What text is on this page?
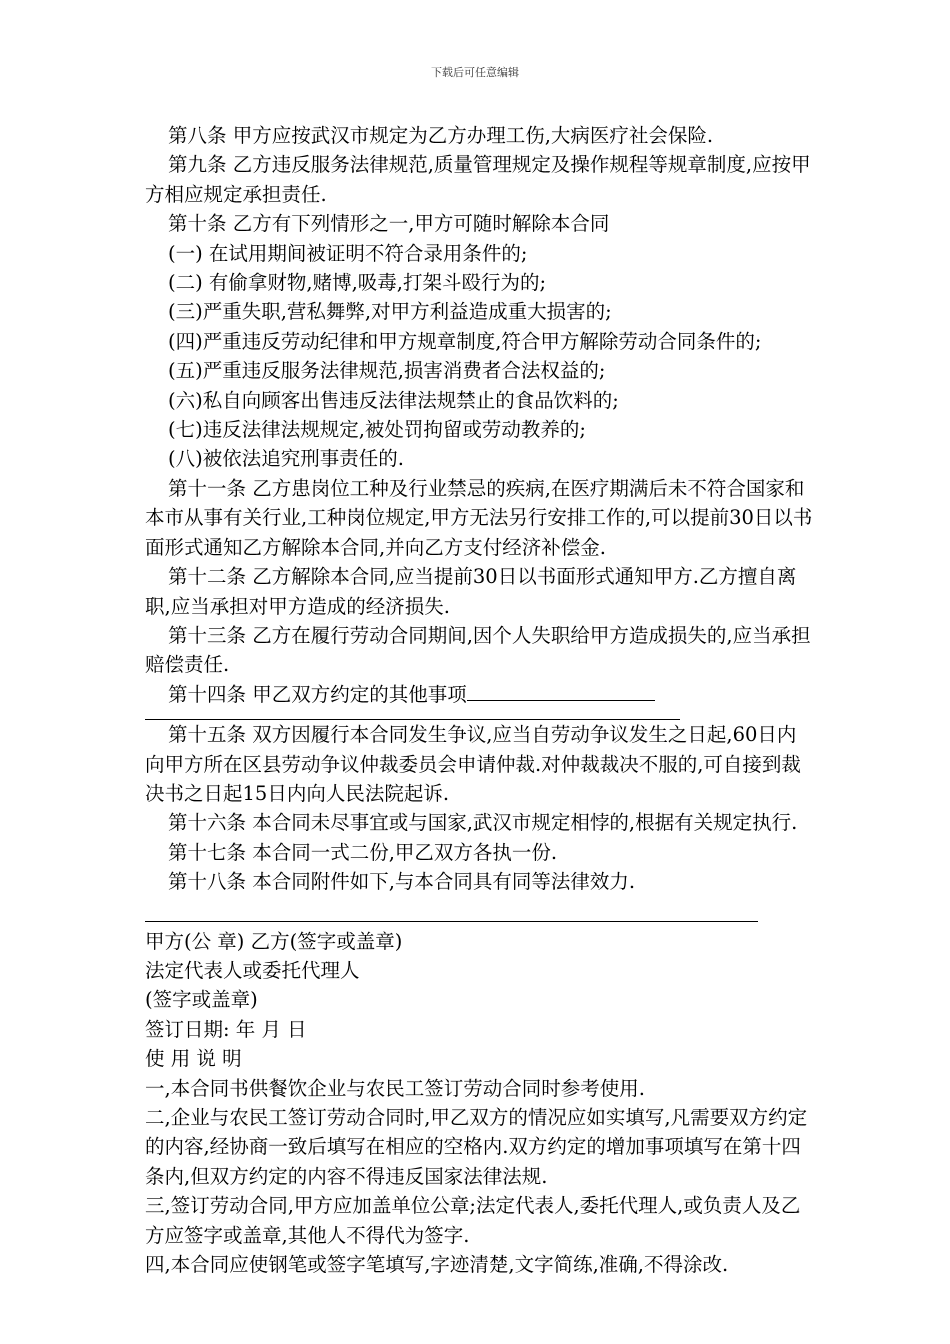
下载后可任意编辑

第八条 甲方应按武汉市规定为乙方办理工伤,大病医疗社会保险.

第九条 乙方违反服务法律规范,质量管理规定及操作规程等规章制度,应按甲方相应规定承担责任.

第十条 乙方有下列情形之一,甲方可随时解除本合同

(一) 在试用期间被证明不符合录用条件的;

(二) 有偷拿财物,赌博,吸毒,打架斗殴行为的;

(三)严重失职,营私舞弊,对甲方利益造成重大损害的;

(四)严重违反劳动纪律和甲方规章制度,符合甲方解除劳动合同条件的;

(五)严重违反服务法律规范,损害消费者合法权益的;

(六)私自向顾客出售违反法律法规禁止的食品饮料的;

(七)违反法律法规规定,被处罚拘留或劳动教养的;

(八)被依法追究刑事责任的.

第十一条 乙方患岗位工种及行业禁忌的疾病,在医疗期满后未不符合国家和本市从事有关行业,工种岗位规定,甲方无法另行安排工作的,可以提前30日以书面形式通知乙方解除本合同,并向乙方支付经济补偿金.

第十二条 乙方解除本合同,应当提前30日以书面形式通知甲方.乙方擅自离职,应当承担对甲方造成的经济损失.

第十三条 乙方在履行劳动合同期间,因个人失职给甲方造成损失的,应当承担赔偿责任.

第十四条 甲乙双方约定的其他事项

第十五条 双方因履行本合同发生争议,应当自劳动争议发生之日起,60日内向甲方所在区县劳动争议仲裁委员会申请仲裁.对仲裁裁决不服的,可自接到裁决书之日起15日内向人民法院起诉.

第十六条 本合同未尽事宜或与国家,武汉市规定相悖的,根据有关规定执行.

第十七条 本合同一式二份,甲乙双方各执一份.

第十八条 本合同附件如下,与本合同具有同等法律效力.

甲方(公 章) 乙方(签字或盖章)

法定代表人或委托代理人

(签字或盖章)

签订日期: 年 月 日

使 用 说 明

一,本合同书供餐饮企业与农民工签订劳动合同时参考使用.

二,企业与农民工签订劳动合同时,甲乙双方的情况应如实填写,凡需要双方约定的内容,经协商一致后填写在相应的空格内.双方约定的增加事项填写在第十四条内,但双方约定的内容不得违反国家法律法规.

三,签订劳动合同,甲方应加盖单位公章;法定代表人,委托代理人,或负责人及乙方应签字或盖章,其他人不得代为签字.

四,本合同应使钢笔或签字笔填写,字迹清楚,文字简练,准确,不得涂改.
